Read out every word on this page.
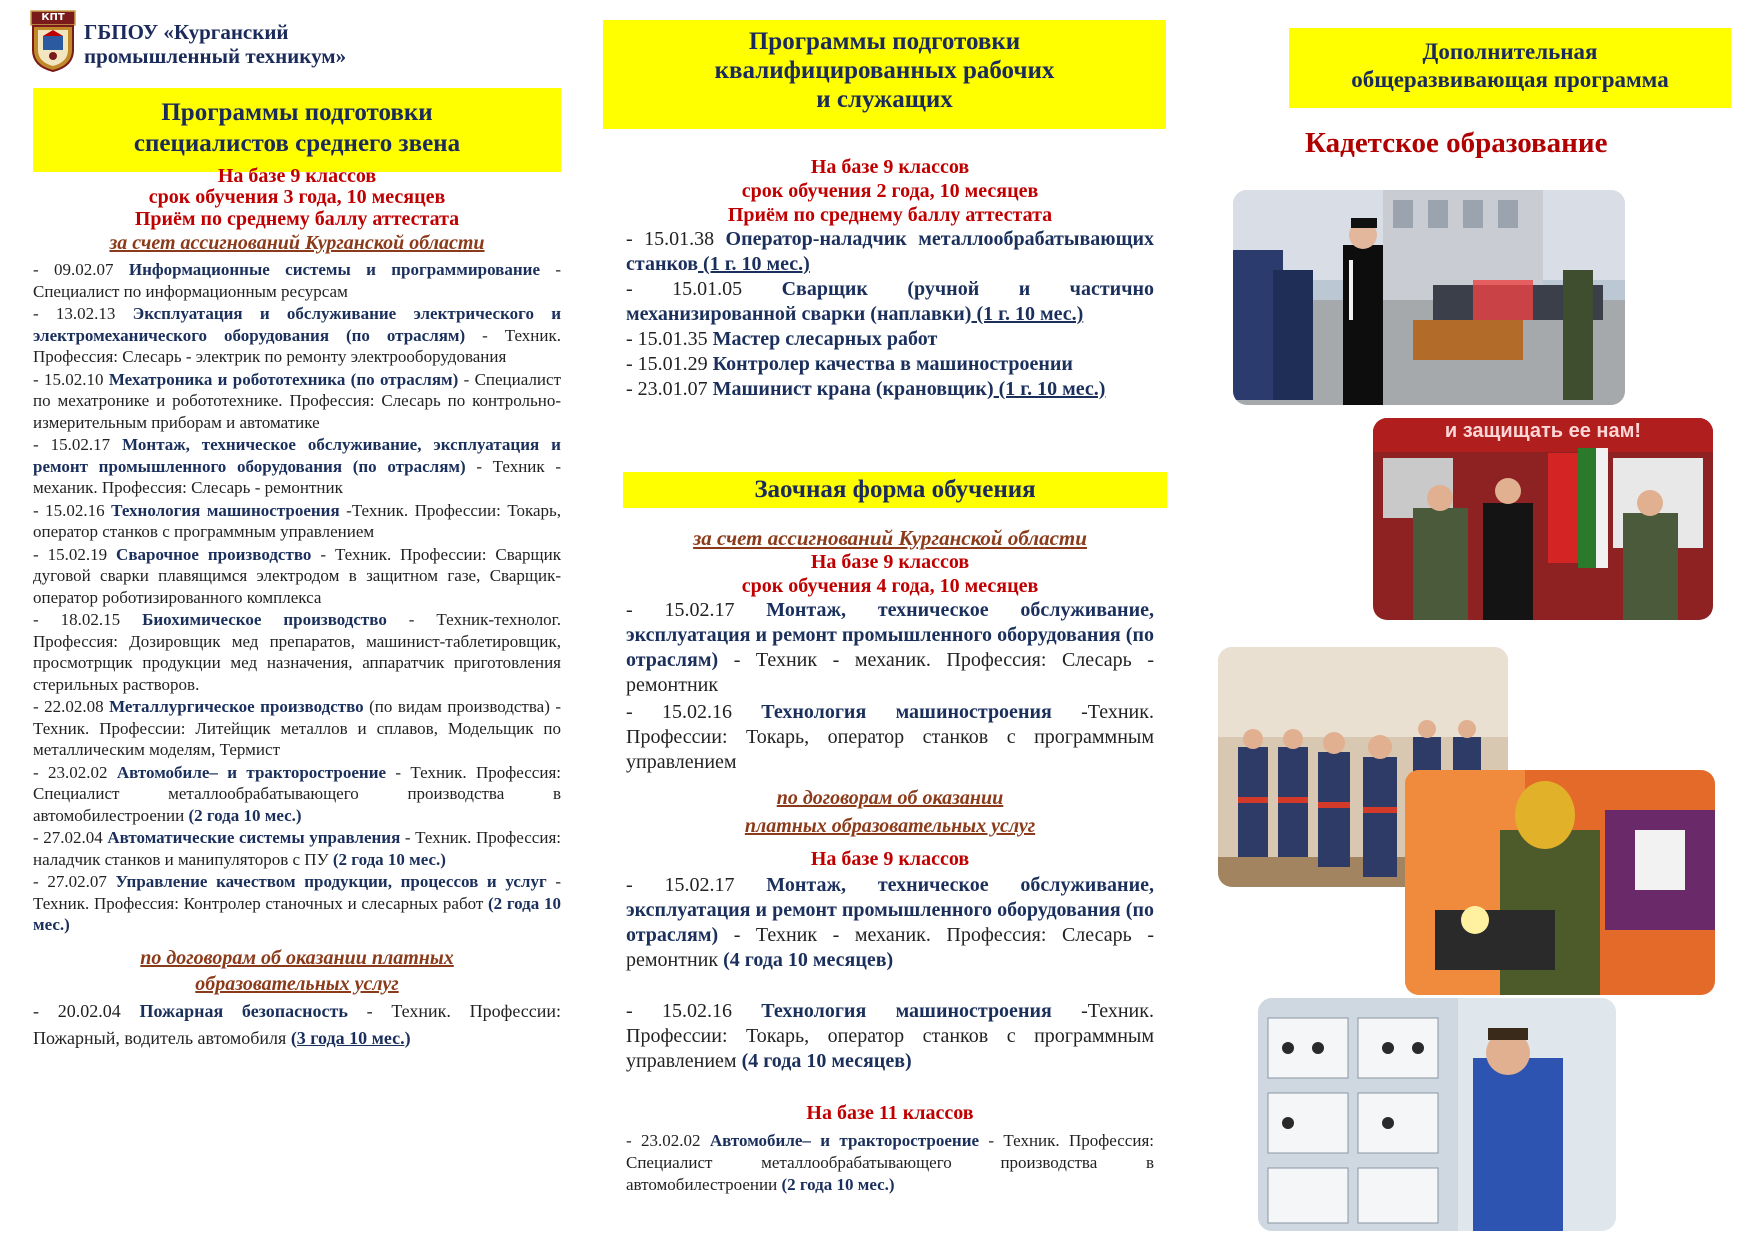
КПТ
ГБПОУ «Курганский
промышленный техникум»
Программы подготовки
специалистов среднего звена
На базе 9 классов
срок обучения 3 года, 10 месяцев
Приём по среднему баллу аттестата
за счет ассигнований Курганской области
- 09.02.07 Информационные системы и программирование - Специалист по информационным ресурсам
- 13.02.13 Эксплуатация и обслуживание электрического и электромеханического оборудования (по отраслям) - Техник. Профессия: Слесарь - электрик по ремонту электрооборудования
- 15.02.10 Мехатроника и робототехника (по отраслям) - Специалист по мехатронике и робототехнике. Профессия: Слесарь по контрольно-измерительным приборам и автоматике
- 15.02.17 Монтаж, техническое обслуживание, эксплуатация и ремонт промышленного оборудования (по отраслям) - Техник - механик. Профессия: Слесарь - ремонтник
- 15.02.16 Технология машиностроения -Техник. Профессии: Токарь, оператор станков с программным управлением
- 15.02.19 Сварочное производство - Техник. Профессии: Сварщик дуговой сварки плавящимся электродом в защитном газе, Сварщик-оператор роботизированного комплекса
- 18.02.15 Биохимическое производство - Техник-технолог. Профессия: Дозировщик мед препаратов, машинист-таблетировщик, просмотрщик продукции мед назначения, аппаратчик приготовления стерильных растворов.
- 22.02.08 Металлургическое производство (по видам производства) - Техник. Профессии: Литейщик металлов и сплавов, Модельщик по металлическим моделям, Термист
- 23.02.02 Автомобиле– и тракторостроение - Техник. Профессия: Специалист металлообрабатывающего производства в автомобилестроении (2 года 10 мес.)
- 27.02.04 Автоматические системы управления - Техник. Профессия: наладчик станков и манипуляторов с ПУ (2 года 10 мес.)
- 27.02.07 Управление качеством продукции, процессов и услуг - Техник. Профессия: Контролер станочных и слесарных работ (2 года 10 мес.)
по договорам об оказании платных
образовательных услуг
- 20.02.04 Пожарная безопасность - Техник. Профессии: Пожарный, водитель автомобиля (3 года 10 мес.)
Программы подготовки
квалифицированных рабочих
и служащих
На базе 9 классов
срок обучения 2 года, 10 месяцев
Приём по среднему баллу аттестата
- 15.01.38 Оператор-наладчик металлообрабатывающих станков (1 г. 10 мес.)
- 15.01.05 Сварщик (ручной и частично механизированной сварки (наплавки) (1 г. 10 мес.)
- 15.01.35 Мастер слесарных работ
- 15.01.29 Контролер качества в машиностроении
- 23.01.07 Машинист крана (крановщик) (1 г. 10 мес.)
Заочная форма обучения
за счет ассигнований Курганской области
На базе 9 классов
срок обучения 4 года, 10 месяцев
- 15.02.17 Монтаж, техническое обслуживание, эксплуатация и ремонт промышленного оборудования (по отраслям) - Техник - механик. Профессия: Слесарь - ремонтник
- 15.02.16 Технология машиностроения -Техник. Профессии: Токарь, оператор станков с программным управлением
по договорам об оказании
платных образовательных услуг
На базе 9 классов
- 15.02.17 Монтаж, техническое обслуживание, эксплуатация и ремонт промышленного оборудования (по отраслям) - Техник - механик. Профессия: Слесарь - ремонтник (4 года 10 месяцев)
- 15.02.16 Технология машиностроения -Техник. Профессии: Токарь, оператор станков с программным управлением (4 года 10 месяцев)
На базе 11 классов
- 23.02.02 Автомобиле– и тракторостроение - Техник. Профессия: Специалист металлообрабатывающего производства в автомобилестроении (2 года 10 мес.)
Дополнительная
общеразвивающая программа
Кадетское образование
и защищать ее нам!
